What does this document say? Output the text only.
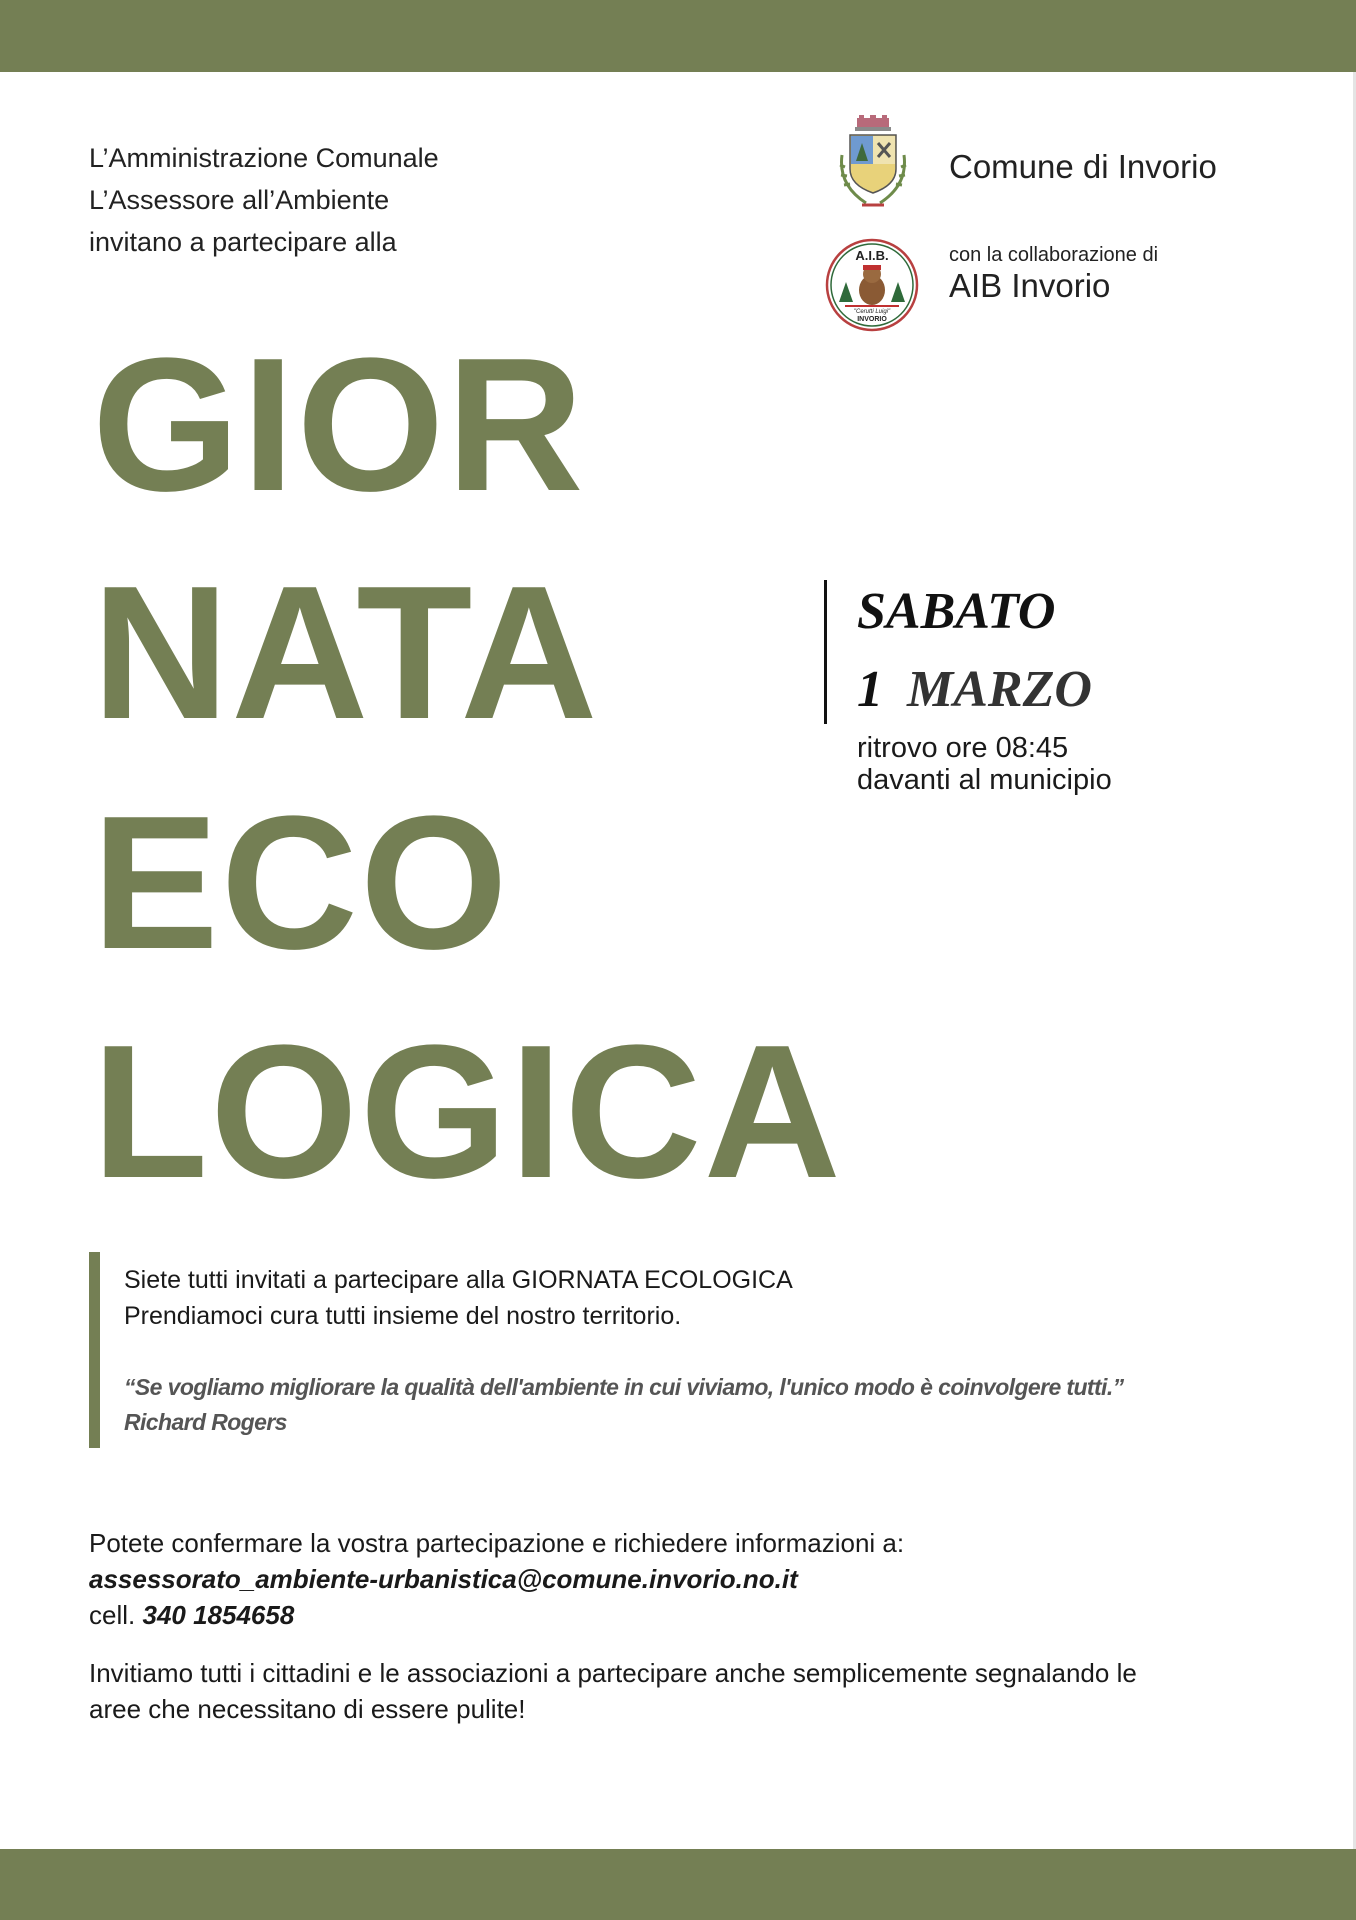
L’Amministrazione Comunale
L’Assessore all’Ambiente
invitano a partecipare alla	A.I.B.
"Cerutti Luigi"
INVORIO
Comune di Invorio
con la collaborazione di
AIB Invorio
GIOR
NATA
ECO
LOGICA
SABATO
1 MARZO
ritrovo ore 08:45
davanti al municipio
Siete tutti invitati a partecipare alla GIORNATA ECOLOGICA
Prendiamoci cura tutti insieme del nostro territorio.
“Se vogliamo migliorare la qualità dell'ambiente in cui viviamo, l'unico modo è coinvolgere tutti.”
Richard Rogers
Potete confermare la vostra partecipazione e richiedere informazioni a:
assessorato_ambiente-urbanistica@comune.invorio.no.it
cell. 340 1854658
Invitiamo tutti i cittadini e le associazioni a partecipare anche semplicemente segnalando le
aree che necessitano di essere pulite!
